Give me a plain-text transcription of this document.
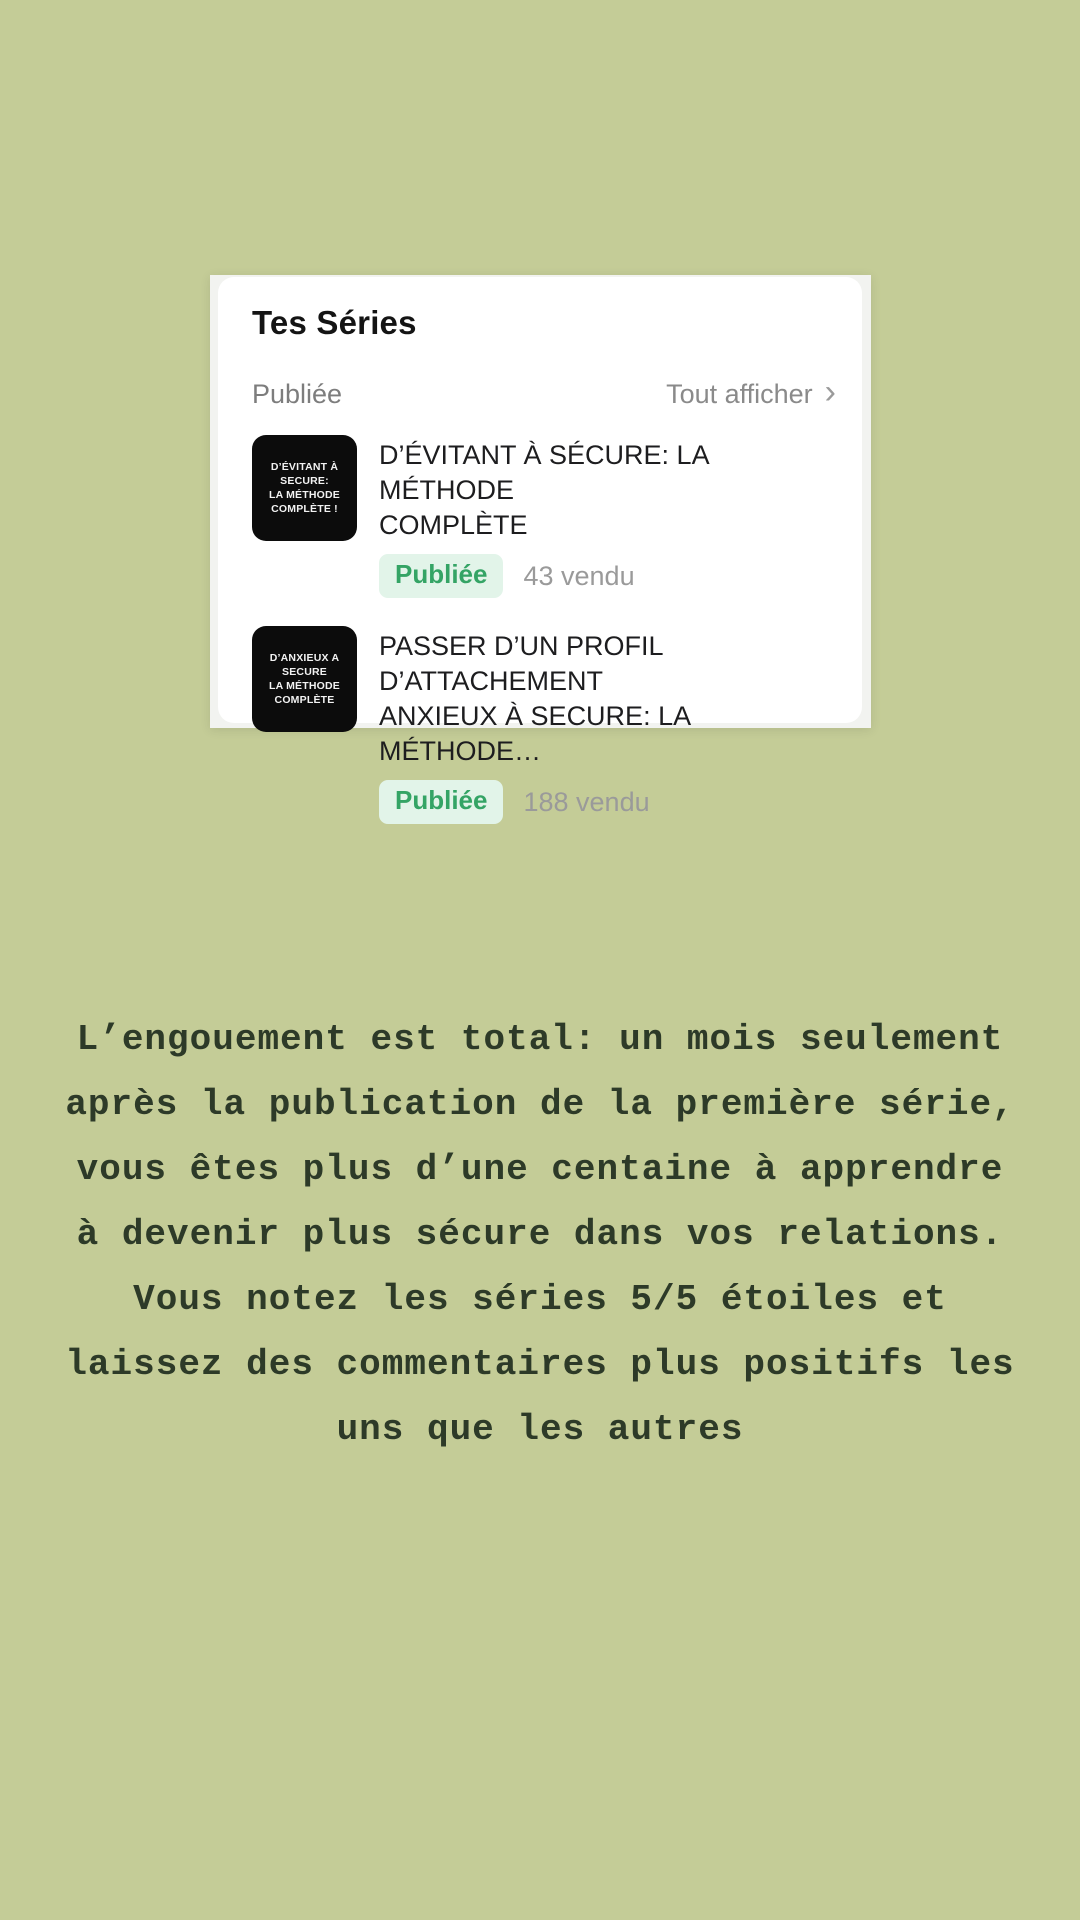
Tes Séries
Publiée	Tout afficher ›
D’ÉVITANT À SECURE:
LA MÉTHODE COMPLÈTE !
D’ÉVITANT À SÉCURE: LA MÉTHODE
COMPLÈTE
Publiée	43 vendu
D’ANXIEUX A SECURE
LA MÉTHODE COMPLÈTE
PASSER D’UN PROFIL D’ATTACHEMENT
ANXIEUX À SECURE: LA MÉTHODE…
Publiée	188 vendu
L’engouement est total: un mois seulement
après la publication de la première série,
vous êtes plus d’une centaine à apprendre
à devenir plus sécure dans vos relations.
Vous notez les séries 5/5 étoiles et
laissez des commentaires plus positifs les
uns que les autres
